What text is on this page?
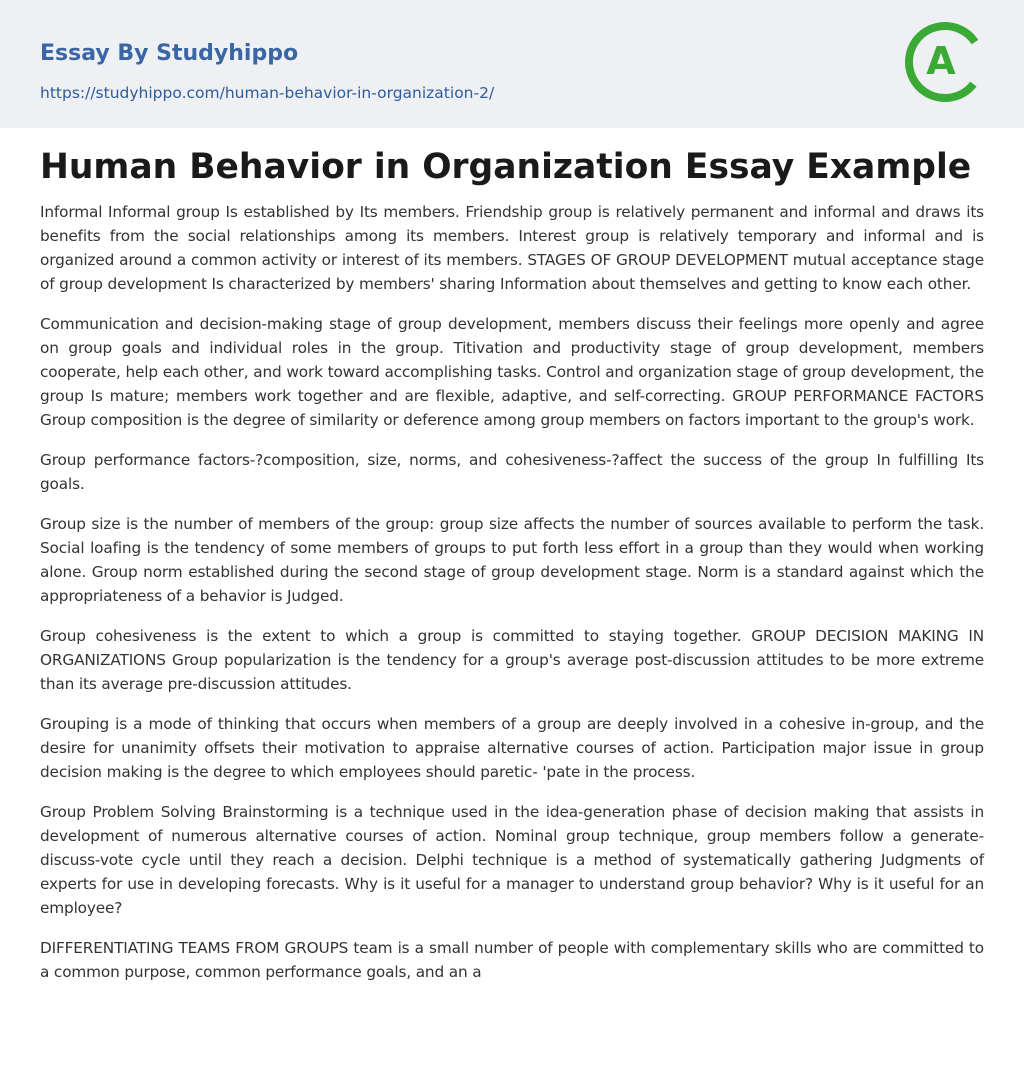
Essay By Studyhippo
https://studyhippo.com/human-behavior-in-organization-2/
A
Human Behavior in Organization Essay Example

Informal Informal group Is established by Its members. Friendship group is relatively permanent and informal and draws its benefits from the social relationships among its members. Interest group is relatively temporary and informal and is organized around a common activity or interest of its members. STAGES OF GROUP DEVELOPMENT mutual acceptance stage of group development Is characterized by members' sharing Information about themselves and getting to know each other.

Communication and decision-making stage of group development, members discuss their feelings more openly and agree on group goals and individual roles in the group. Titivation and productivity stage of group development, members cooperate, help each other, and work toward accomplishing tasks. Control and organization stage of group development, the group Is mature; members work together and are flexible, adaptive, and self-correcting. GROUP PERFORMANCE FACTORS Group composition is the degree of similarity or deference among group members on factors important to the group's work.

Group performance factors-?composition, size, norms, and cohesiveness-?affect the success of the group In fulfilling Its goals.

Group size is the number of members of the group: group size affects the number of sources available to perform the task. Social loafing is the tendency of some members of groups to put forth less effort in a group than they would when working alone. Group norm established during the second stage of group development stage. Norm is a standard against which the appropriateness of a behavior is Judged.

Group cohesiveness is the extent to which a group is committed to staying together. GROUP DECISION MAKING IN ORGANIZATIONS Group popularization is the tendency for a group's average post-discussion attitudes to be more extreme than its average pre-discussion attitudes.

Grouping is a mode of thinking that occurs when members of a group are deeply involved in a cohesive in-group, and the desire for unanimity offsets their motivation to appraise alternative courses of action. Participation major issue in group decision making is the degree to which employees should paretic- 'pate in the process.

Group Problem Solving Brainstorming is a technique used in the idea-generation phase of decision making that assists in development of numerous alternative courses of action. Nominal group technique, group members follow a generate-discuss-vote cycle until they reach a decision. Delphi technique is a method of systematically gathering Judgments of experts for use in developing forecasts. Why is it useful for a manager to understand group behavior? Why is it useful for an employee?

DIFFERENTIATING TEAMS FROM GROUPS team is a small number of people with complementary skills who are committed to a common purpose, common performance goals, and an a
